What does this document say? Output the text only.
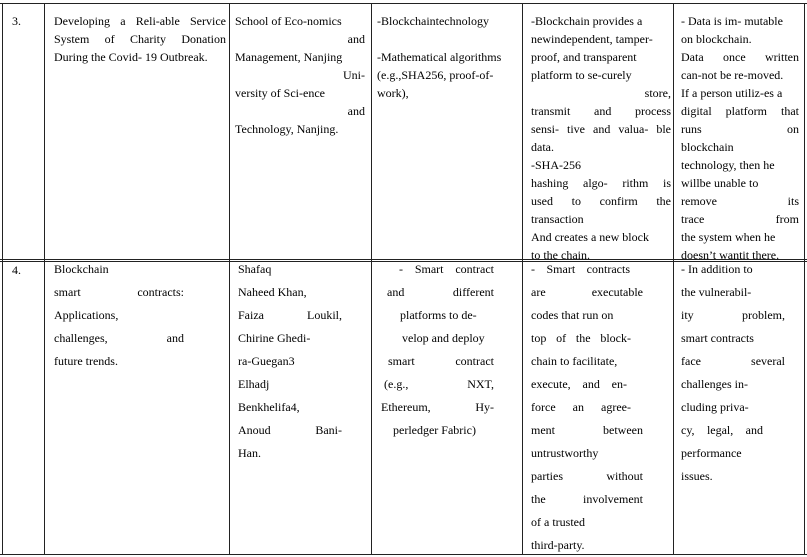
3.	Developing a Reli-able Service
System of Charity Donation
During the Covid- 19 Outbreak.
School of Eco-nomics
and
Management, Nanjing
Uni-
versity of Sci-ence
and
Technology, Nanjing.
-Blockchaintechnology
-Mathematical algorithms
(e.g.,SHA256, proof-of-
work),
-Blockchain provides a
newindependent, tamper-
proof, and transparent
platform to se-curely
store,
transmit and process
sensi- tive and valua- ble
data.
-SHA-256
hashing algo- rithm is
used to confirm the
transaction
And creates a new block
to the chain.
- Data is im- mutable
on blockchain.
Data once written
can-not be re-moved.
If a person utiliz-es a
digital platform that
runs on
blockchain
technology, then he
willbe unable to
remove its
trace from
the system when he
doesn’t wantit there.
4.	Blockchain
smart contracts:
Applications,
challenges, and
future trends.
Shafaq
Naheed Khan,
Faiza Loukil,
Chirine Ghedi-
ra-Guegan3
Elhadj
Benkhelifa4,
Anoud Bani-
Han.
- Smart contract
and different
platforms to de-
velop and deploy
smart contract
(e.g., NXT,
Ethereum, Hy-
perledger Fabric)
- Smart contracts
are executable
codes that run on
top of the block-
chain to facilitate,
execute, and en-
force an agree-
ment between
untrustworthy
parties without
the involvement
of a trusted
third-party.
- In addition to
the vulnerabil-
ity problem,
smart contracts
face several
challenges in-
cluding priva-
cy, legal, and
performance
issues.
